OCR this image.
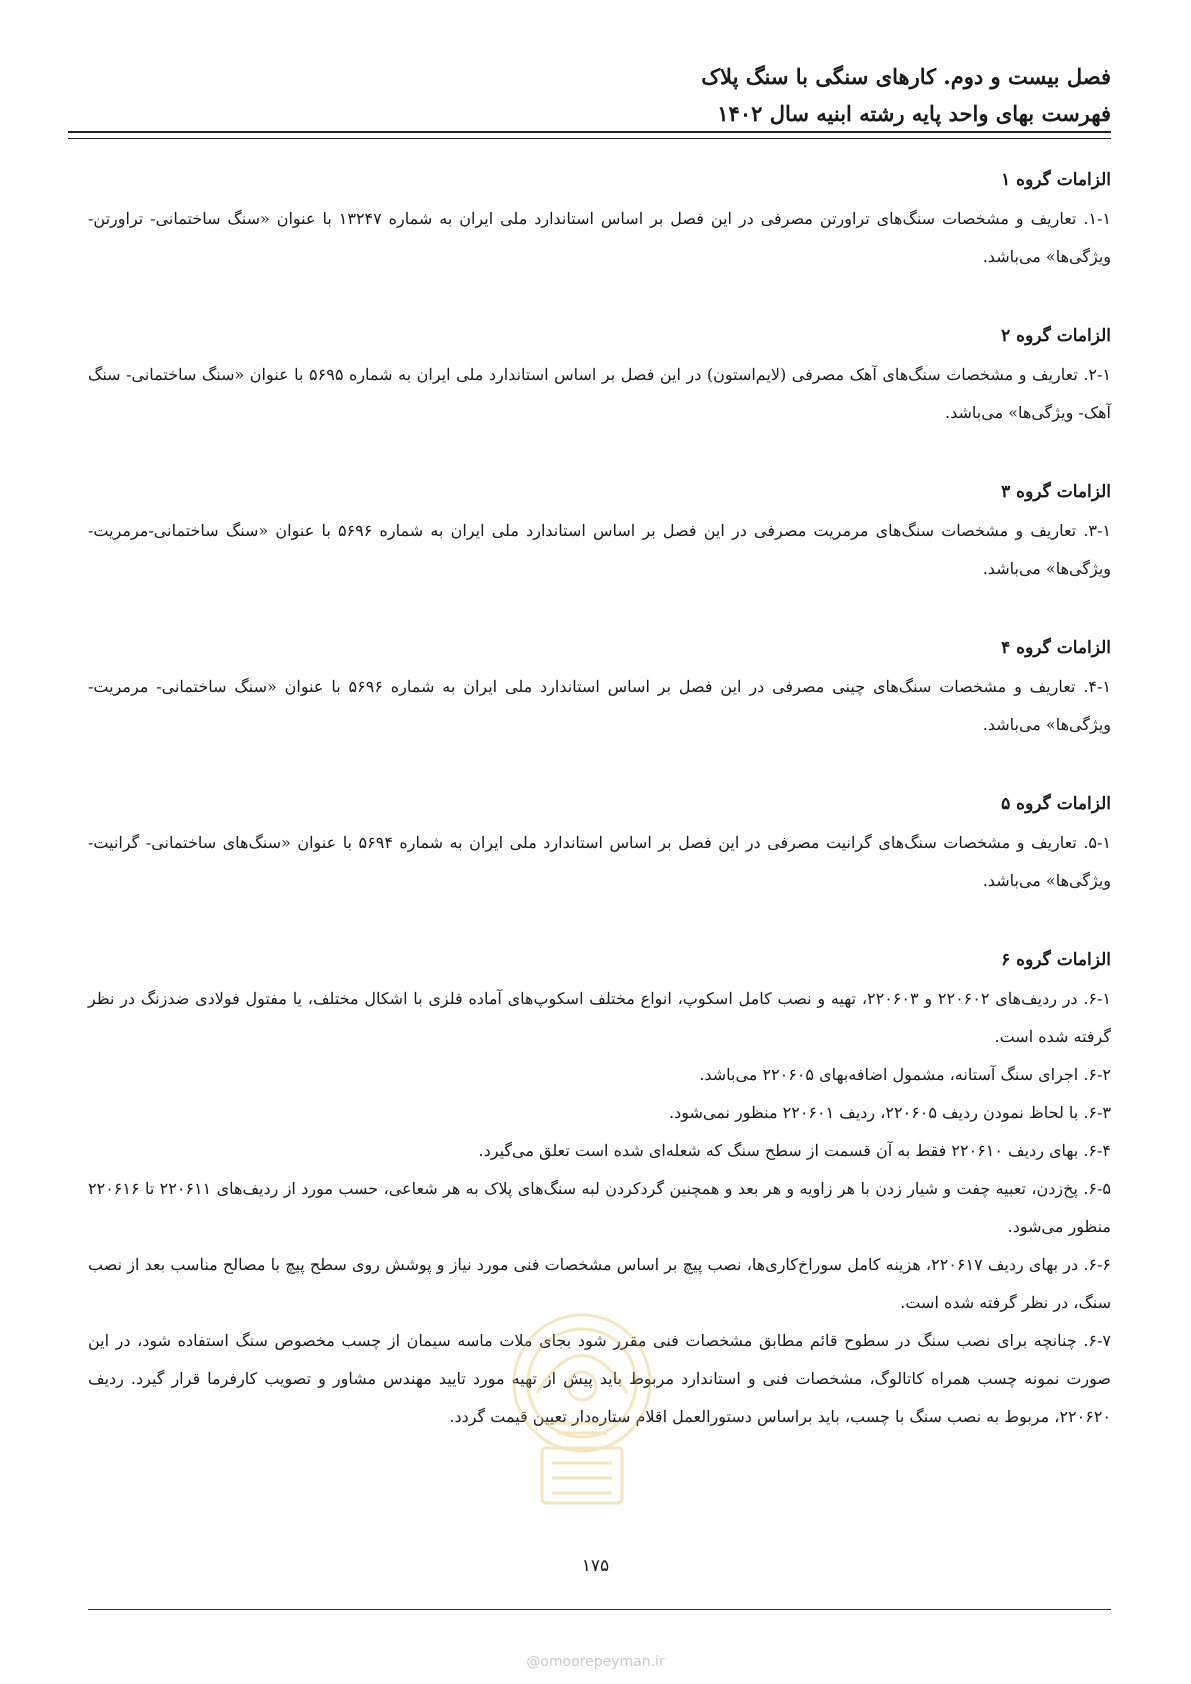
فصل بیست و دوم. کارهای سنگی با سنگ پلاک
فهرست بهای واحد پایه رشته ابنیه سال ۱۴۰۲
الزامات گروه ۱
۱-۱. تعاریف و مشخصات سنگ‌های تراورتن مصرفی در این فصل بر اساس استاندارد ملی ایران به شماره ۱۳۲۴۷ با عنوان «سنگ ساختمانی- تراورتن- ویژگی‌ها» می‌باشد.
الزامات گروه ۲
۲-۱. تعاریف و مشخصات سنگ‌های آهک مصرفی (لایم‌استون) در این فصل بر اساس استاندارد ملی ایران به شماره ۵۶۹۵ با عنوان «سنگ ساختمانی- سنگ آهک- ویژگی‌ها» می‌باشد.
الزامات گروه ۳
۳-۱. تعاریف و مشخصات سنگ‌های مرمریت مصرفی در این فصل بر اساس استاندارد ملی ایران به شماره ۵۶۹۶ با عنوان «سنگ ساختمانی-مرمریت- ویژگی‌ها» می‌باشد.
الزامات گروه ۴
۴-۱. تعاریف و مشخصات سنگ‌های چینی مصرفی در این فصل بر اساس استاندارد ملی ایران به شماره ۵۶۹۶ با عنوان «سنگ ساختمانی- مرمریت- ویژگی‌ها» می‌باشد.
الزامات گروه ۵
۵-۱. تعاریف و مشخصات سنگ‌های گرانیت مصرفی در این فصل بر اساس استاندارد ملی ایران به شماره ۵۶۹۴ با عنوان «سنگ‌های ساختمانی- گرانیت- ویژگی‌ها» می‌باشد.
الزامات گروه ۶
۶-۱. در ردیف‌های ۲۲۰۶۰۲ و ۲۲۰۶۰۳، تهیه و نصب کامل اسکوپ، انواع مختلف اسکوپ‌های آماده فلزی با اشکال مختلف، یا مفتول فولادی ضدزنگ در نظر گرفته شده است.
۶-۲. اجرای سنگ آستانه، مشمول اضافه‌بهای ۲۲۰۶۰۵ می‌باشد.
۶-۳. با لحاظ نمودن ردیف ۲۲۰۶۰۵، ردیف ۲۲۰۶۰۱ منظور نمی‌شود.
۶-۴. بهای ردیف ۲۲۰۶۱۰ فقط به آن قسمت از سطح سنگ که شعله‌ای شده است تعلق می‌گیرد.
۶-۵. پخ‌زدن، تعبیه چفت و شیار زدن با هر زاویه و هر بعد و همچنین گردکردن لبه سنگ‌های پلاک به هر شعاعی، حسب مورد از ردیف‌های ۲۲۰۶۱۱ تا ۲۲۰۶۱۶ منظور می‌شود.
۶-۶. در بهای ردیف ۲۲۰۶۱۷، هزینه کامل سوراخ‌کاری‌ها، نصب پیچ بر اساس مشخصات فنی مورد نیاز و پوشش روی سطح پیچ با مصالح مناسب بعد از نصب سنگ، در نظر گرفته شده است.
۶-۷. چنانچه برای نصب سنگ در سطوح قائم مطابق مشخصات فنی مقرر شود بجای ملات ماسه سیمان از چسب مخصوص سنگ استفاده شود، در این صورت نمونه چسب همراه کاتالوگ، مشخصات فنی و استاندارد مربوط باید پیش از تهیه مورد تایید مهندس مشاور و تصویب کارفرما قرار گیرد. ردیف ۲۲۰۶۲۰، مربوط به نصب سنگ با چسب، باید براساس دستورالعمل اقلام ستاره‌دار تعیین قیمت گردد.
۱۷۵
@omoorepeyman.ir
